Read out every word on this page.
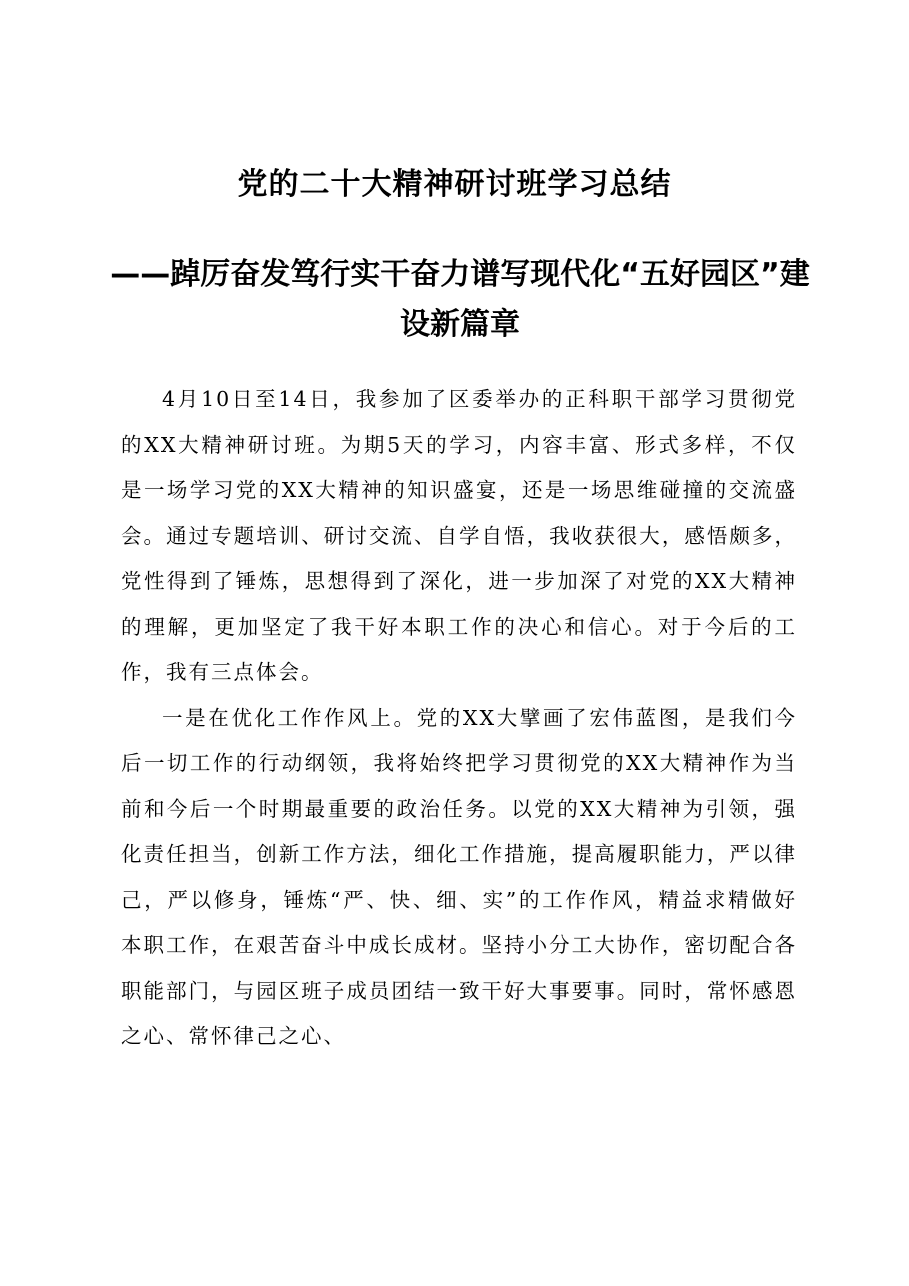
党的二十大精神研讨班学习总结
——踔厉奋发笃行实干奋力谱写现代化“五好园区”建设新篇章

4月10日至14日，我参加了区委举办的正科职干部学习贯彻党的XX大精神研讨班。为期5天的学习，内容丰富、形式多样，不仅是一场学习党的XX大精神的知识盛宴，还是一场思维碰撞的交流盛会。通过专题培训、研讨交流、自学自悟，我收获很大，感悟颇多，党性得到了锤炼，思想得到了深化，进一步加深了对党的XX大精神的理解，更加坚定了我干好本职工作的决心和信心。对于今后的工作，我有三点体会。

一是在优化工作作风上。党的XX大擘画了宏伟蓝图，是我们今后一切工作的行动纲领，我将始终把学习贯彻党的XX大精神作为当前和今后一个时期最重要的政治任务。以党的XX大精神为引领，强化责任担当，创新工作方法，细化工作措施，提高履职能力，严以律己，严以修身，锤炼“严、快、细、实”的工作作风，精益求精做好本职工作，在艰苦奋斗中成长成材。坚持小分工大协作，密切配合各职能部门，与园区班子成员团结一致干好大事要事。同时，常怀感恩之心、常怀律己之心、
